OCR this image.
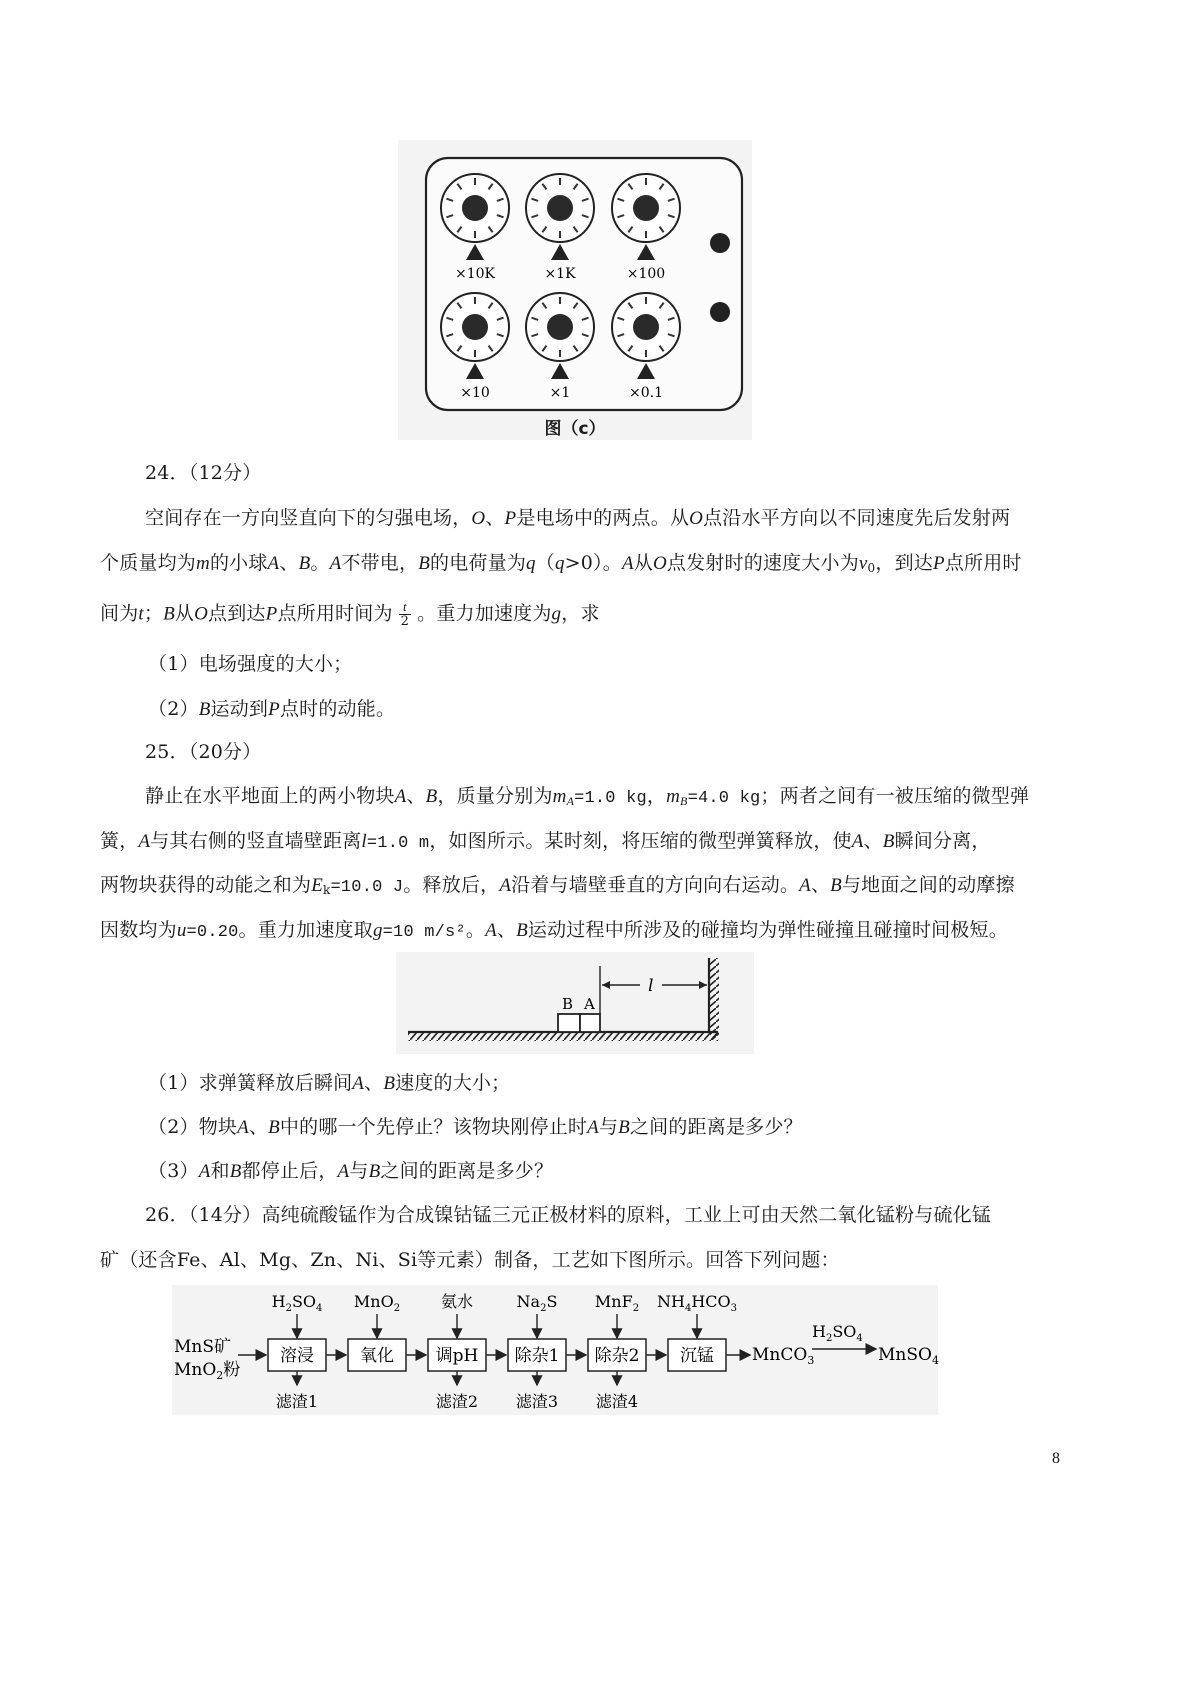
×10K	×1K	×100
×10	×1	×0.1
图（c）
24．（12分）
空间存在一方向竖直向下的匀强电场，O、P是电场中的两点。从O点沿水平方向以不同速度先后发射两
个质量均为m的小球A、B。A不带电，B的电荷量为q（q>0）。A从O点发射时的速度大小为$v_0$，到达P点所用时
间为t；B从O点到达P点所用时间为 $\frac{t}{2}$ 。重力加速度为g，求
（1）电场强度的大小；
（2）B运动到P点时的动能。
25．（20分）
静止在水平地面上的两小物块A、B，质量分别为$m_A=1.0$ kg，$m_B=4.0$ kg；两者之间有一被压缩的微型弹
簧，A与其右侧的竖直墙壁距离l=1.0 m，如图所示。某时刻，将压缩的微型弹簧释放，使A、B瞬间分离，
两物块获得的动能之和为$E_k=10.0$ J。释放后，A沿着与墙壁垂直的方向向右运动。A、B与地面之间的动摩擦
因数均为u=0.20。重力加速度取g=10 m/s²。A、B运动过程中所涉及的碰撞均为弹性碰撞且碰撞时间极短。
B A
l
（1）求弹簧释放后瞬间A、B速度的大小；
（2）物块A、B中的哪一个先停止？该物块刚停止时A与B之间的距离是多少？
（3）A和B都停止后，A与B之间的距离是多少？
26．（14分）高纯硫酸锰作为合成镍钴锰三元正极材料的原料，工业上可由天然二氧化锰粉与硫化锰
矿（还含Fe、Al、Mg、Zn、Ni、Si等元素）制备，工艺如下图所示。回答下列问题：
MnS矿
MnO$_2$粉
溶浸
$H_2SO_4$
滤渣1
氧化
MnO$_2$
调pH
氨水
滤渣2
除杂1
$Na_2S$
滤渣3
除杂2
MnF$_2$
滤渣4
沉锰
$NH_4HCO_3$
MnCO$_3$
$H_2SO_4$
MnSO$_4$
8
